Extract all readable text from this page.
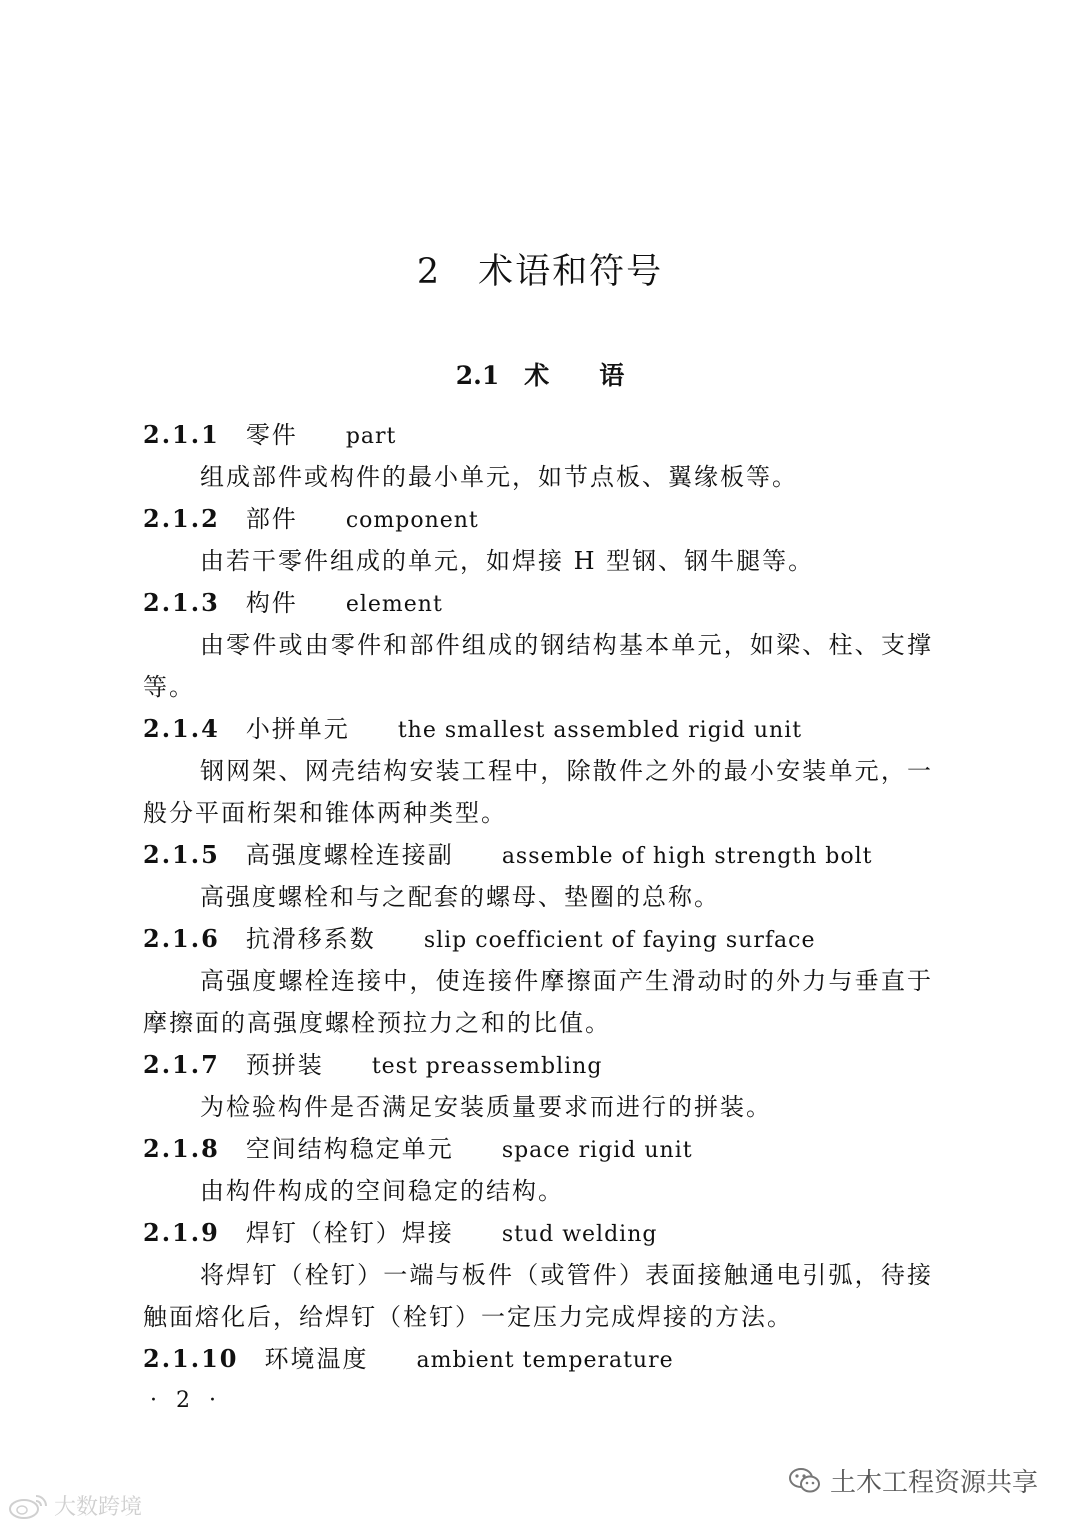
2　术语和符号
2.1　术　　语
2.1.1 零件 part

组成部件或构件的最小单元，如节点板、翼缘板等。

2.1.2 部件 component

由若干零件组成的单元，如焊接 H 型钢、钢牛腿等。

2.1.3 构件 element

由零件或由零件和部件组成的钢结构基本单元，如梁、柱、支撑等。

2.1.4 小拼单元 the smallest assembled rigid unit

钢网架、网壳结构安装工程中，除散件之外的最小安装单元，一般分平面桁架和锥体两种类型。

2.1.5 高强度螺栓连接副 assemble of high strength bolt

高强度螺栓和与之配套的螺母、垫圈的总称。

2.1.6 抗滑移系数 slip coefficient of faying surface

高强度螺栓连接中，使连接件摩擦面产生滑动时的外力与垂直于摩擦面的高强度螺栓预拉力之和的比值。

2.1.7 预拼装 test preassembling

为检验构件是否满足安装质量要求而进行的拼装。

2.1.8 空间结构稳定单元 space rigid unit

由构件构成的空间稳定的结构。

2.1.9 焊钉（栓钉）焊接 stud welding

将焊钉（栓钉）一端与板件（或管件）表面接触通电引弧，待接触面熔化后，给焊钉（栓钉）一定压力完成焊接的方法。

2.1.10 环境温度 ambient temperature
· 2 ·
土木工程资源共享
大数跨境
